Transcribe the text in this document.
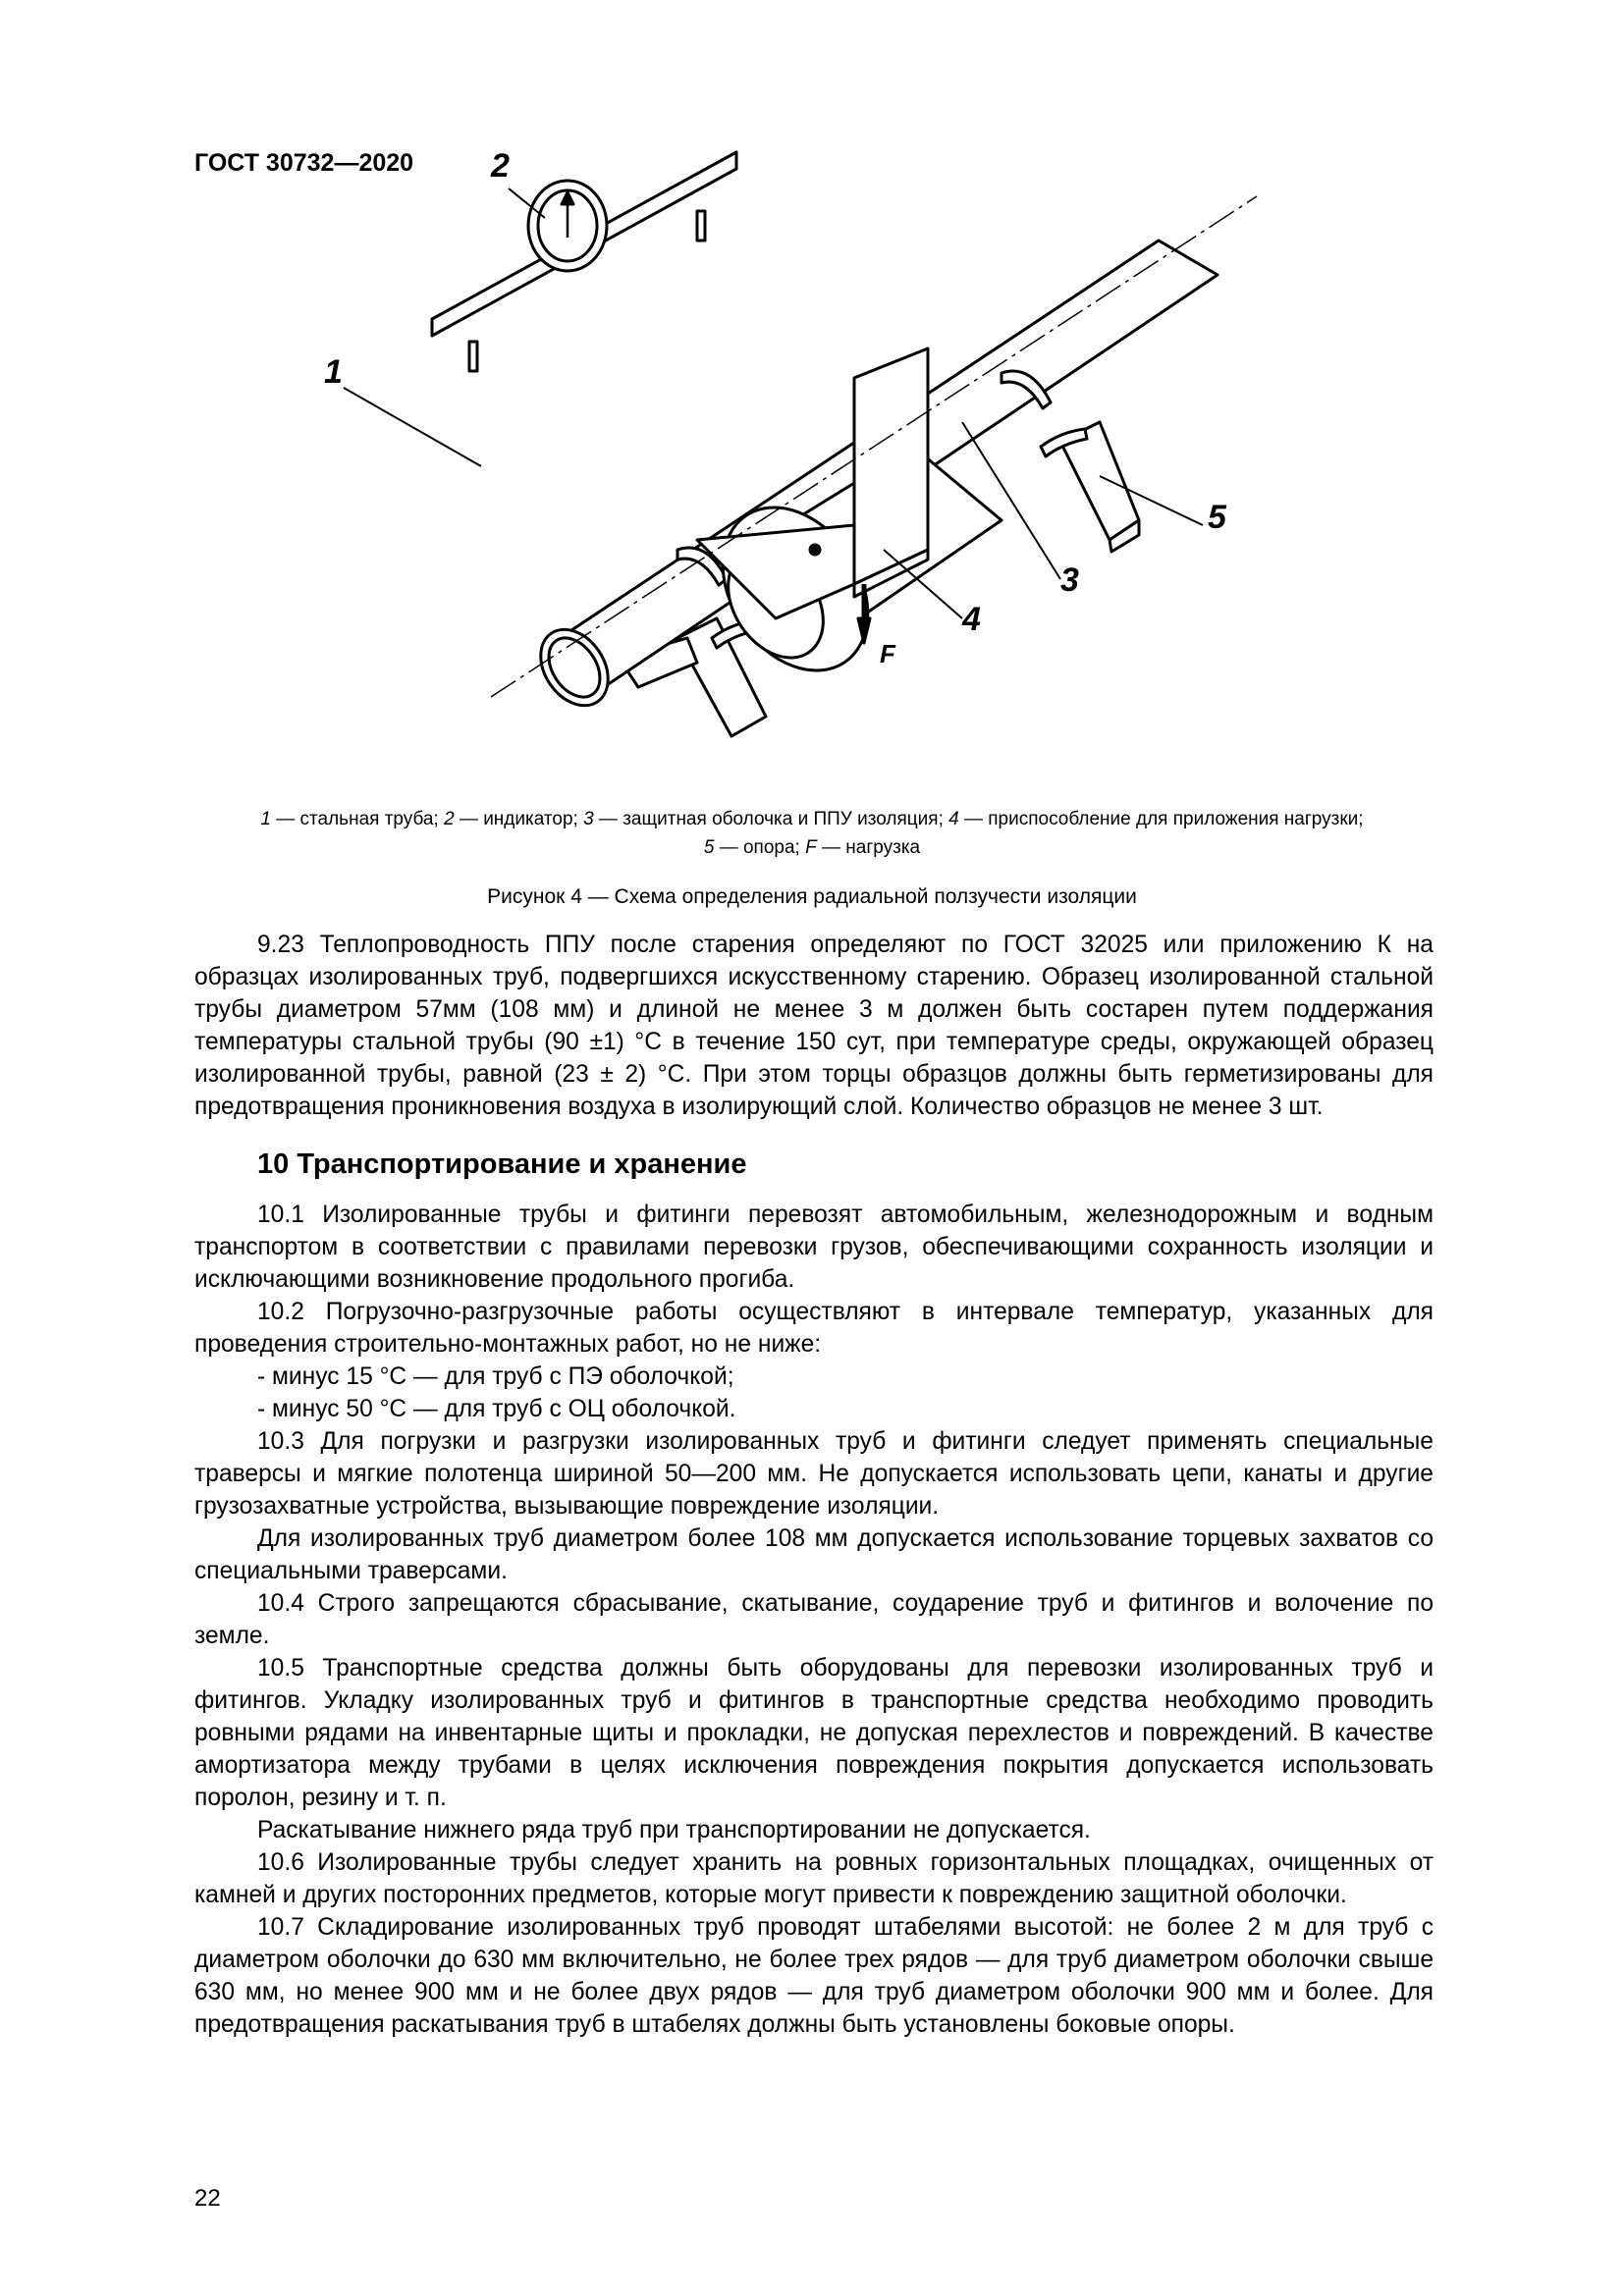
ГОСТ 30732—2020
1
2
3
4
5
F
1 — стальная труба; 2 — индикатор; 3 — защитная оболочка и ППУ изоляция; 4 — приспособление для приложения нагрузки;
5 — опора; F — нагрузка
Рисунок 4 — Схема определения радиальной ползучести изоляции

9.23 Теплопроводность ППУ после старения определяют по ГОСТ 32025 или приложению К на образцах изолированных труб, подвергшихся искусственному старению. Образец изолированной стальной трубы диаметром 57мм (108 мм) и длиной не менее 3 м должен быть состарен путем поддержания температуры стальной трубы (90 ±1) °С в течение 150 сут, при температуре среды, окружающей образец изолированной трубы, равной (23 ± 2) °С. При этом торцы образцов должны быть герметизированы для предотвращения проникновения воздуха в изолирующий слой. Количество образцов не менее 3 шт.

10 Транспортирование и хранение

10.1 Изолированные трубы и фитинги перевозят автомобильным, железнодорожным и водным транспортом в соответствии с правилами перевозки грузов, обеспечивающими сохранность изоляции и исключающими возникновение продольного прогиба.

10.2 Погрузочно-разгрузочные работы осуществляют в интервале температур, указанных для проведения строительно-монтажных работ, но не ниже:

- минус 15 °С — для труб с ПЭ оболочкой;

- минус 50 °С — для труб с ОЦ оболочкой.

10.3 Для погрузки и разгрузки изолированных труб и фитинги следует применять специальные траверсы и мягкие полотенца шириной 50—200 мм. Не допускается использовать цепи, канаты и другие грузозахватные устройства, вызывающие повреждение изоляции.

Для изолированных труб диаметром более 108 мм допускается использование торцевых захватов со специальными траверсами.

10.4 Строго запрещаются сбрасывание, скатывание, соударение труб и фитингов и волочение по земле.

10.5 Транспортные средства должны быть оборудованы для перевозки изолированных труб и фитингов. Укладку изолированных труб и фитингов в транспортные средства необходимо проводить ровными рядами на инвентарные щиты и прокладки, не допуская перехлестов и повреждений. В качестве амортизатора между трубами в целях исключения повреждения покрытия допускается использовать поролон, резину и т. п.

Раскатывание нижнего ряда труб при транспортировании не допускается.

10.6 Изолированные трубы следует хранить на ровных горизонтальных площадках, очищенных от камней и других посторонних предметов, которые могут привести к повреждению защитной оболочки.

10.7 Складирование изолированных труб проводят штабелями высотой: не более 2 м для труб с диаметром оболочки до 630 мм включительно, не более трех рядов — для труб диаметром оболочки свыше 630 мм, но менее 900 мм и не более двух рядов — для труб диаметром оболочки 900 мм и более. Для предотвращения раскатывания труб в штабелях должны быть установлены боковые опоры.

22
